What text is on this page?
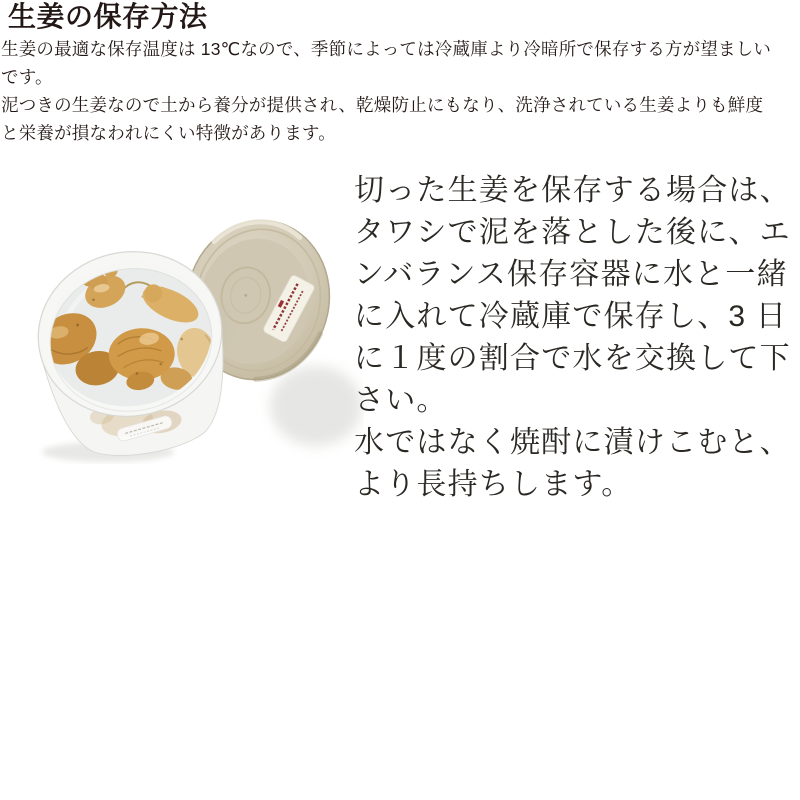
生姜の保存方法

生姜の最適な保存温度は 13℃なので、季節によっては冷蔵庫より冷暗所で保存する方が望ましい
です。

泥つきの生姜なので土から養分が提供され、乾燥防止にもなり、洗浄されている生姜よりも鮮度
と栄養が損なわれにくい特徴があります。

切った生姜を保存する場合は、
タワシで泥を落とした後に、エ
ンバランス保存容器に水と一緒
に入れて冷蔵庫で保存し、3 日
に１度の割合で水を交換して下
さい。
水ではなく焼酎に漬けこむと、
より長持ちします。
